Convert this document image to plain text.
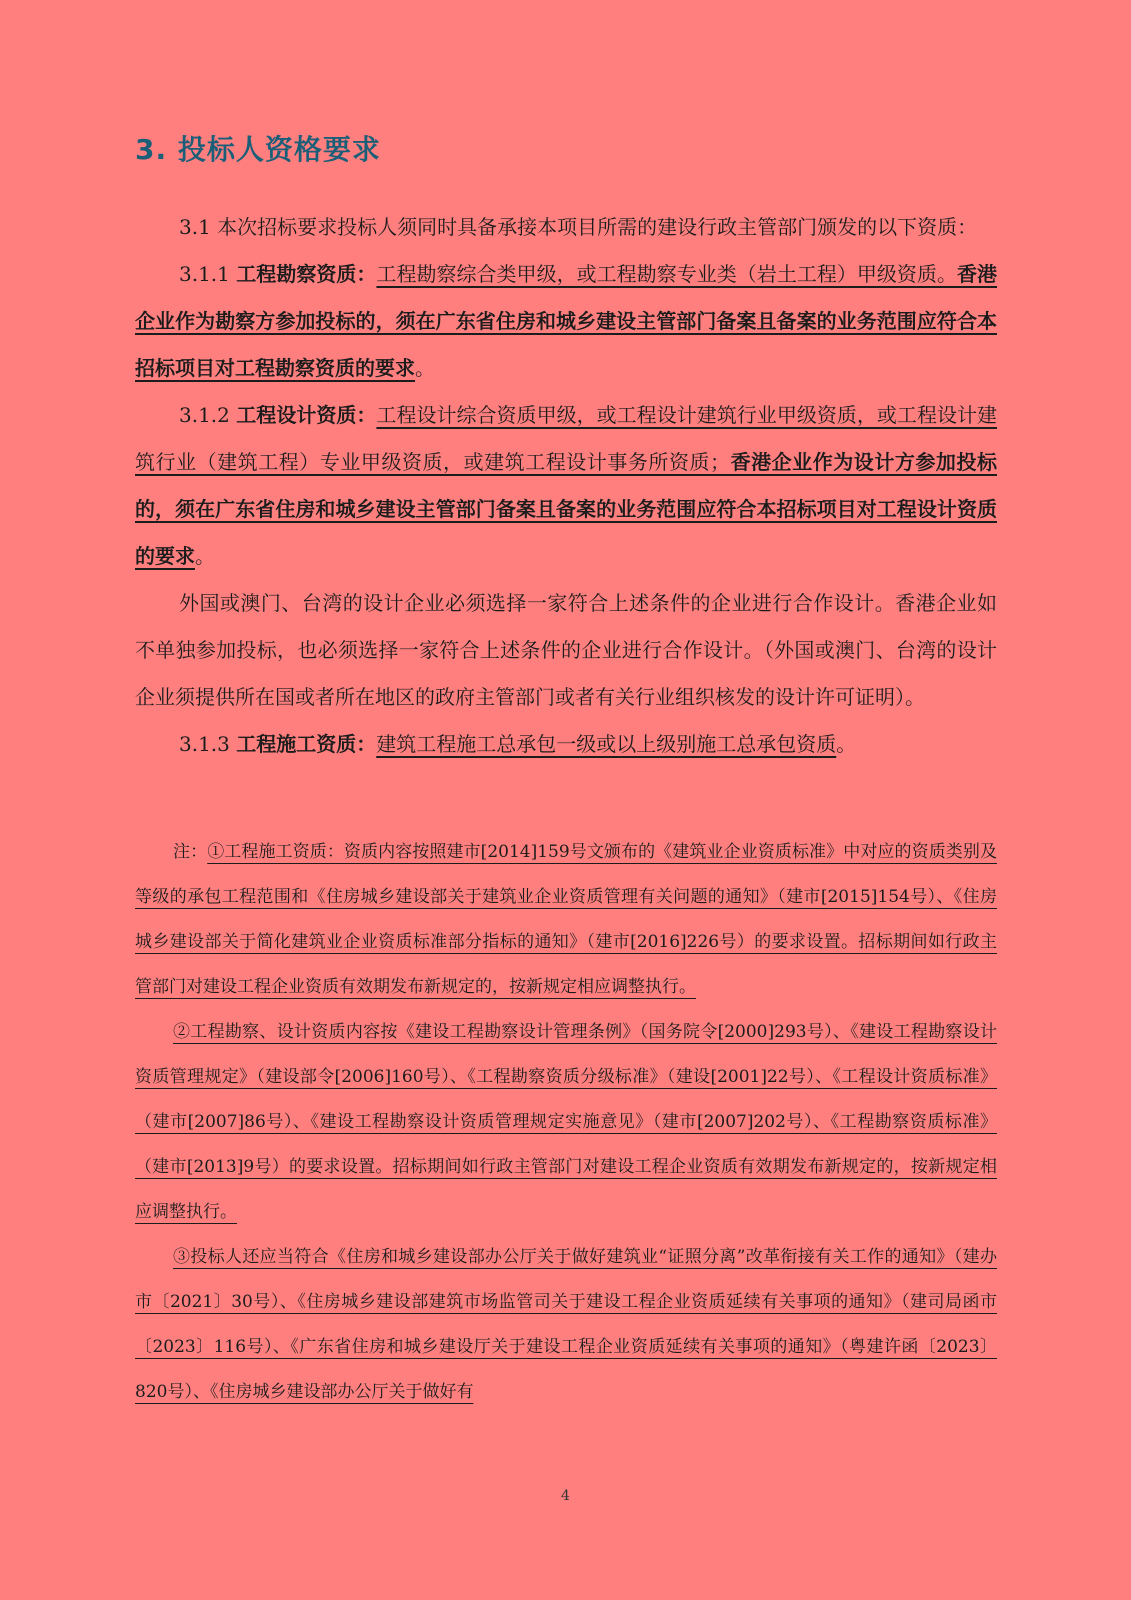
3. 投标人资格要求

3.1 本次招标要求投标人须同时具备承接本项目所需的建设行政主管部门颁发的以下资质：

3.1.1 工程勘察资质：工程勘察综合类甲级，或工程勘察专业类（岩土工程）甲级资质。香港企业作为勘察方参加投标的，须在广东省住房和城乡建设主管部门备案且备案的业务范围应符合本招标项目对工程勘察资质的要求。

3.1.2 工程设计资质：工程设计综合资质甲级，或工程设计建筑行业甲级资质，或工程设计建筑行业（建筑工程）专业甲级资质，或建筑工程设计事务所资质；香港企业作为设计方参加投标的，须在广东省住房和城乡建设主管部门备案且备案的业务范围应符合本招标项目对工程设计资质的要求。

外国或澳门、台湾的设计企业必须选择一家符合上述条件的企业进行合作设计。香港企业如不单独参加投标，也必须选择一家符合上述条件的企业进行合作设计。（外国或澳门、台湾的设计企业须提供所在国或者所在地区的政府主管部门或者有关行业组织核发的设计许可证明）。

3.1.3 工程施工资质：建筑工程施工总承包一级或以上级别施工总承包资质。

注：①工程施工资质：资质内容按照建市[2014]159号文颁布的《建筑业企业资质标准》中对应的资质类别及等级的承包工程范围和《住房城乡建设部关于建筑业企业资质管理有关问题的通知》（建市[2015]154号）、《住房城乡建设部关于简化建筑业企业资质标准部分指标的通知》（建市[2016]226号）的要求设置。招标期间如行政主管部门对建设工程企业资质有效期发布新规定的，按新规定相应调整执行。

②工程勘察、设计资质内容按《建设工程勘察设计管理条例》（国务院令[2000]293号）、《建设工程勘察设计资质管理规定》（建设部令[2006]160号）、《工程勘察资质分级标准》（建设[2001]22号）、《工程设计资质标准》（建市[2007]86号）、《建设工程勘察设计资质管理规定实施意见》（建市[2007]202号）、《工程勘察资质标准》（建市[2013]9号）的要求设置。招标期间如行政主管部门对建设工程企业资质有效期发布新规定的，按新规定相应调整执行。

③投标人还应当符合《住房和城乡建设部办公厅关于做好建筑业“证照分离”改革衔接有关工作的通知》（建办市〔2021〕30号）、《住房城乡建设部建筑市场监管司关于建设工程企业资质延续有关事项的通知》（建司局函市〔2023〕116号）、《广东省住房和城乡建设厅关于建设工程企业资质延续有关事项的通知》（粤建许函〔2023〕820号）、《住房城乡建设部办公厅关于做好有

4
